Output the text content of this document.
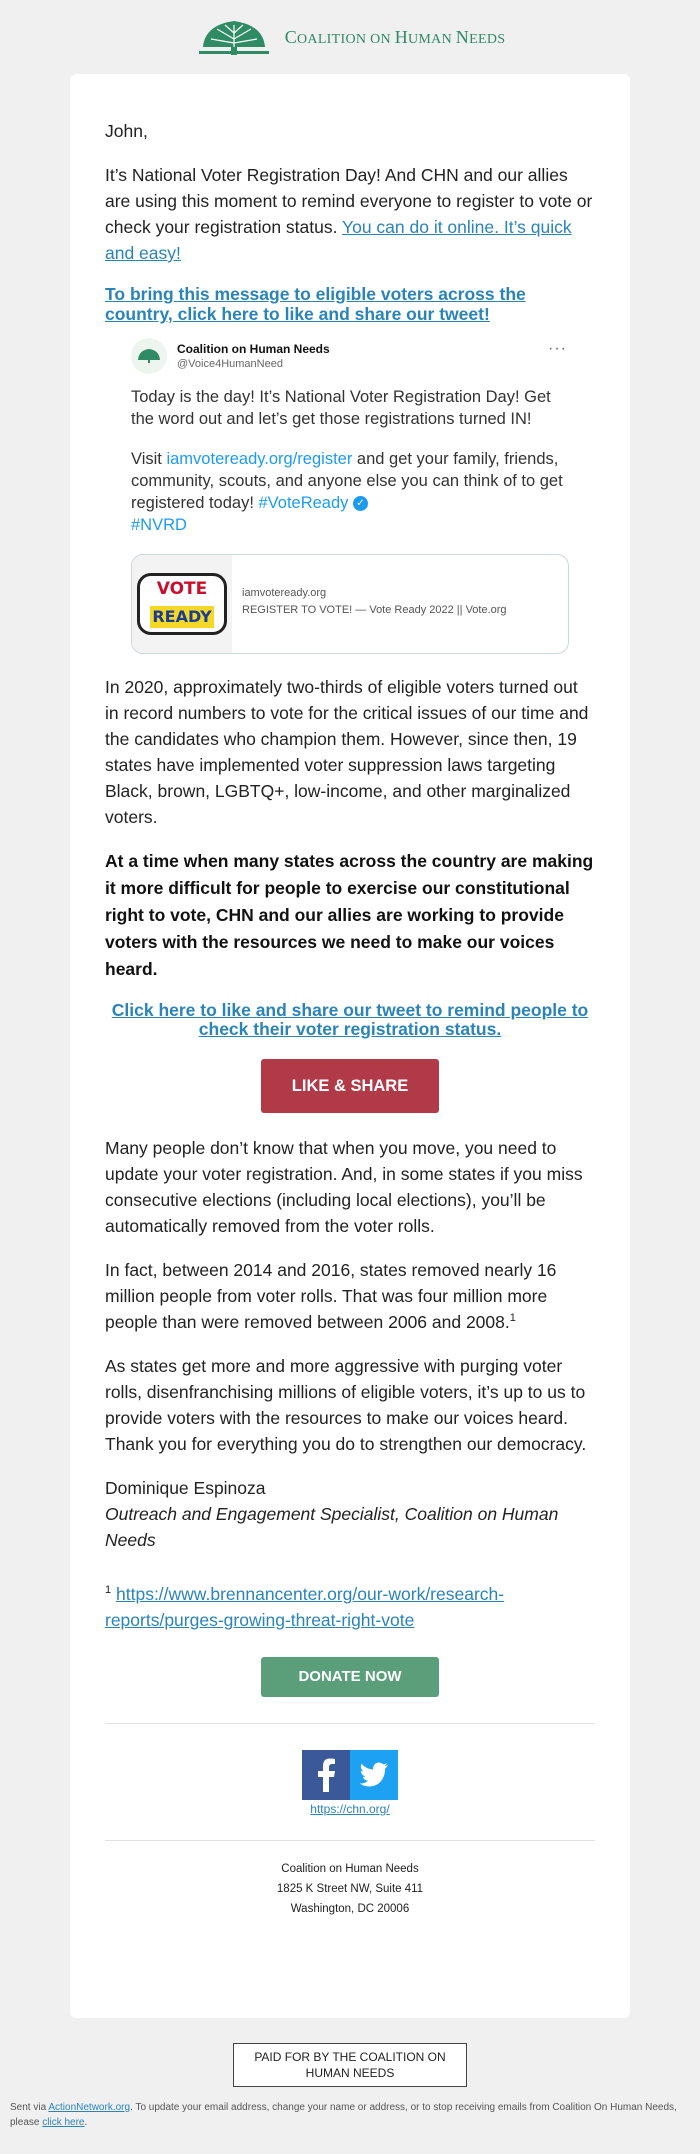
COALITION ON HUMAN NEEDS

John,

It’s National Voter Registration Day! And CHN and our allies are using this moment to remind everyone to register to vote or check your registration status. You can do it online. It’s quick and easy!

To bring this message to eligible voters across the country, click here to like and share our tweet!
Coalition on Human Needs
@Voice4HumanNeed
···

Today is the day! It’s National Voter Registration Day! Get the word out and let’s get those registrations turned IN!

Visit iamvoteready.org/register and get your family, friends, community, scouts, and anyone else you can think of to get registered today! #VoteReady ✓
#NVRD

VOTE
READY
iamvoteready.org
REGISTER TO VOTE! — Vote Ready 2022 || Vote.org

In 2020, approximately two-thirds of eligible voters turned out in record numbers to vote for the critical issues of our time and the candidates who champion them. However, since then, 19 states have implemented voter suppression laws targeting Black, brown, LGBTQ+, low-income, and other marginalized voters.

At a time when many states across the country are making it more difficult for people to exercise our constitutional right to vote, CHN and our allies are working to provide voters with the resources we need to make our voices heard.

Click here to like and share our tweet to remind people to check their voter registration status.
LIKE & SHARE

Many people don’t know that when you move, you need to update your voter registration. And, in some states if you miss consecutive elections (including local elections), you’ll be automatically removed from the voter rolls.

In fact, between 2014 and 2016, states removed nearly 16 million people from voter rolls. That was four million more people than were removed between 2006 and 2008.$^1$

As states get more and more aggressive with purging voter rolls, disenfranchising millions of eligible voters, it’s up to us to provide voters with the resources to make our voices heard. Thank you for everything you do to strengthen our democracy.

Dominique Espinoza

Outreach and Engagement Specialist, Coalition on Human Needs

$^1$ https://www.brennancenter.org/our-work/research-reports/purges-growing-threat-right-vote

DONATE NOW
https://chn.org/
Coalition on Human Needs
1825 K Street NW, Suite 411
Washington, DC 20006
PAID FOR BY THE COALITION ON HUMAN NEEDS
Sent via ActionNetwork.org. To update your email address, change your name or address, or to stop receiving emails from Coalition On Human Needs, please click here.
